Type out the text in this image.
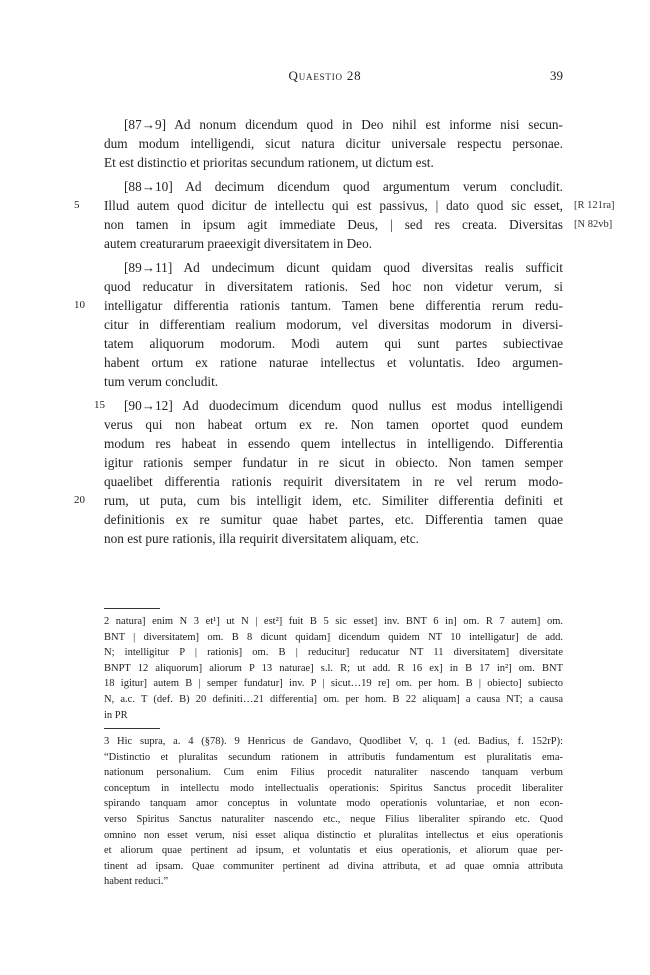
Quaestio 28	39
[87→9] Ad nonum dicendum quod in Deo nihil est informe nisi secun-
dum modum intelligendi, sicut natura dicitur universale respectu personae.
Et est distinctio et prioritas secundum rationem, ut dictum est.
[88→10] Ad decimum dicendum quod argumentum verum concludit.
5	Illud autem quod dicitur de intellectu qui est passivus, | dato quod sic esset, [R 121ra]
non tamen in ipsum agit immediate Deus, | sed res creata. Diversitas [N 82vb]
autem creaturarum praeexigit diversitatem in Deo.
[89→11] Ad undecimum dicunt quidam quod diversitas realis sufficit
quod reducatur in diversitatem rationis. Sed hoc non videtur verum, si
10 intelligatur differentia rationis tantum. Tamen bene differentia rerum redu-
citur in differentiam realium modorum, vel diversitas modorum in diversi-
tatem aliquorum modorum. Modi autem qui sunt partes subiectivae
habent ortum ex ratione naturae intellectus et voluntatis. Ideo argumen-
tum verum concludit.
15 [90→12] Ad duodecimum dicendum quod nullus est modus intelligendi
verus qui non habeat ortum ex re. Non tamen oportet quod eundem
modum res habeat in essendo quem intellectus in intelligendo. Differentia
igitur rationis semper fundatur in re sicut in obiecto. Non tamen semper
quaelibet differentia rationis requirit diversitatem in re vel rerum modo-
20 rum, ut puta, cum bis intelligit idem, etc. Similiter differentia definiti et
definitionis ex re sumitur quae habet partes, etc. Differentia tamen quae
non est pure rationis, illa requirit diversitatem aliquam, etc.
2 natura] enim N 3 et¹] ut N | est²] fuit B 5 sic esset] inv. BNT 6 in] om. R 7 autem] om.
BNT | diversitatem] om. B 8 dicunt quidam] dicendum quidem NT 10 intelligatur] de add.
N; intelligitur P | rationis] om. B | reducitur] reducatur NT 11 diversitatem] diversitate
BNPT 12 aliquorum] aliorum P 13 naturae] s.l. R; ut add. R 16 ex] in B 17 in²] om. BNT
18 igitur] autem B | semper fundatur] inv. P | sicut…19 re] om. per hom. B | obiecto] subiecto
N, a.c. T (def. B) 20 definiti…21 differentia] om. per hom. B 22 aliquam] a causa NT; a causa
in PR
3 Hic supra, a. 4 (§78). 9 Henricus de Gandavo, Quodlibet V, q. 1 (ed. Badius, f. 152rP):
“Distinctio et pluralitas secundum rationem in attributis fundamentum est pluralitatis ema-
nationum personalium. Cum enim Filius procedit naturaliter nascendo tanquam verbum
conceptum in intellectu modo intellectualis operationis: Spiritus Sanctus procedit liberaliter
spirando tanquam amor conceptus in voluntate modo operationis voluntariae, et non econ-
verso Spiritus Sanctus naturaliter nascendo etc., neque Filius liberaliter spirando etc. Quod
omnino non esset verum, nisi esset aliqua distinctio et pluralitas intellectus et eius operationis
et aliorum quae pertinent ad ipsum, et voluntatis et eius operationis, et aliorum quae per-
tinent ad ipsam. Quae communiter pertinent ad divina attributa, et ad quae omnia attributa
habent reduci.”
